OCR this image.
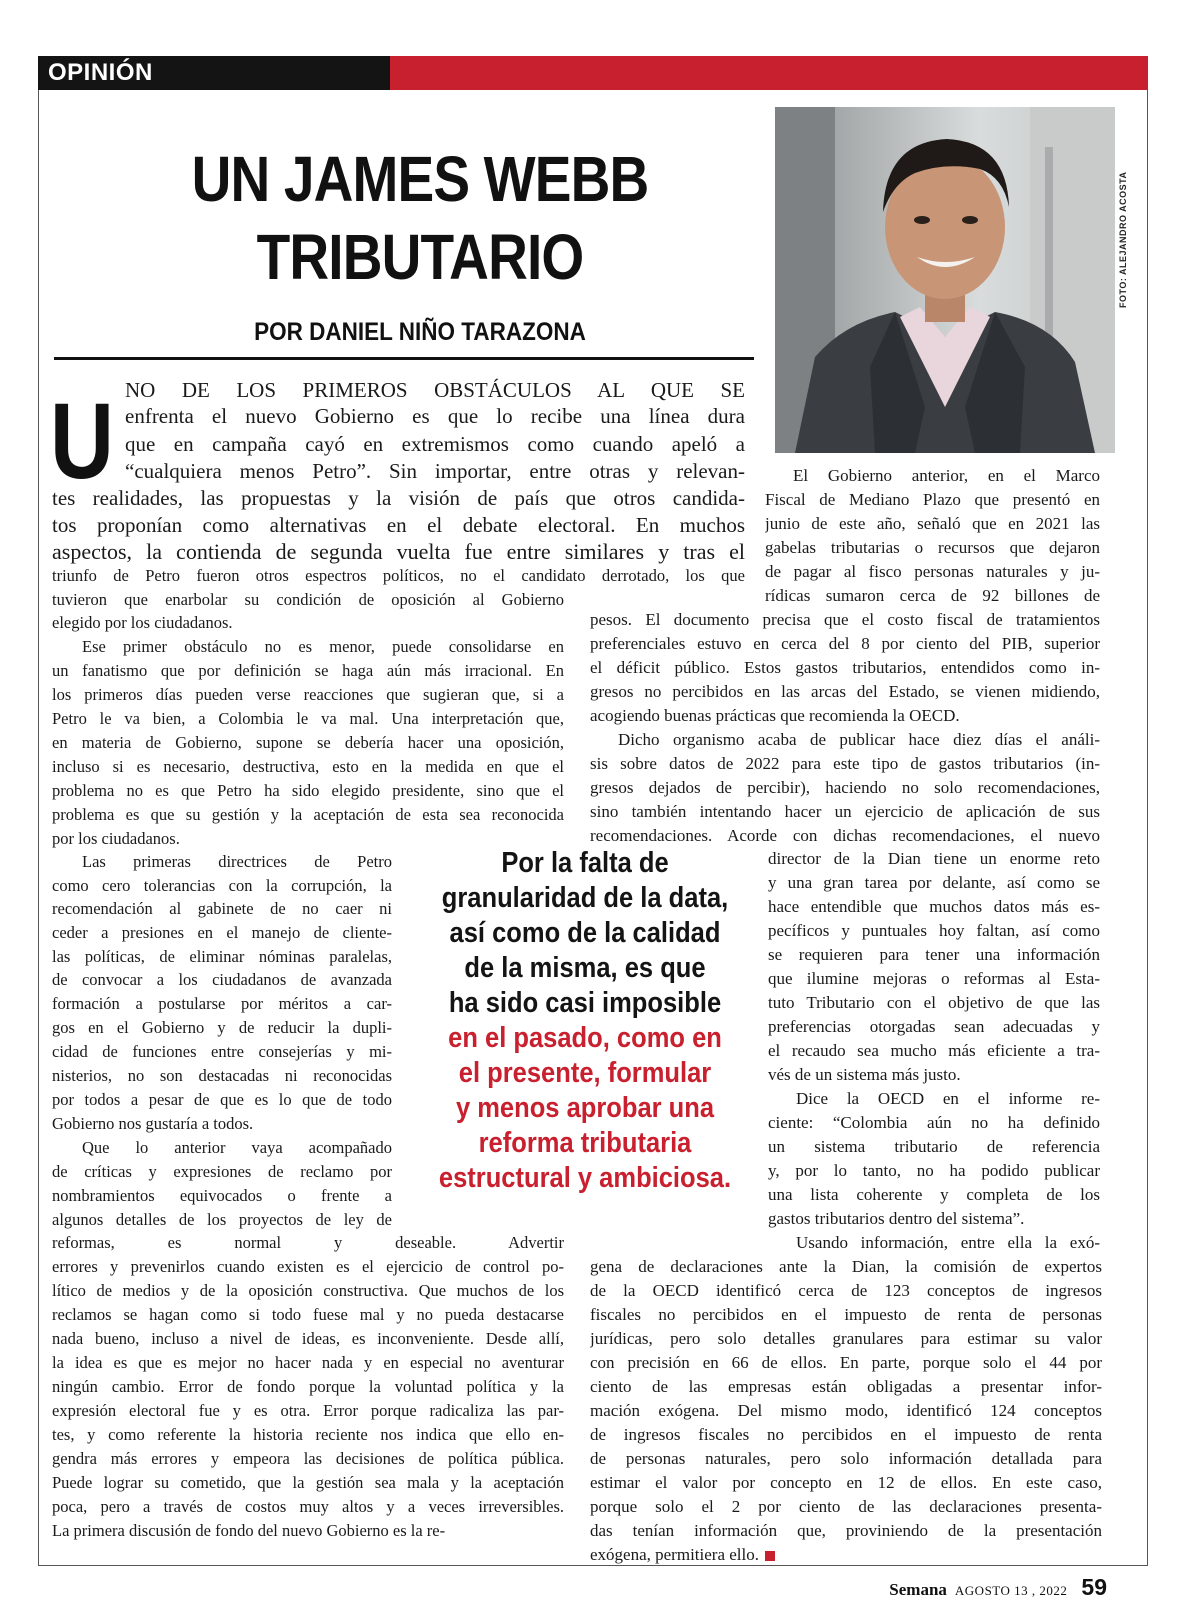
OPINIÓN
UN JAMES WEBB
TRIBUTARIO
POR DANIEL NIÑO TARAZONA
FOTO: ALEJANDRO ACOSTA
U NO DE LOS PRIMEROS OBSTÁCULOS AL QUE SE
enfrenta el nuevo Gobierno es que lo recibe una línea dura
que en campaña cayó en extremismos como cuando apeló a
“cualquiera menos Petro”. Sin importar, entre otras y relevan-
tes realidades, las propuestas y la visión de país que otros candida-
tos proponían como alternativas en el debate electoral. En muchos
aspectos, la contienda de segunda vuelta fue entre similares y tras el
triunfo de Petro fueron otros espectros políticos, no el candidato derrotado, los que
tuvieron que enarbolar su condición de oposición al Gobierno
elegido por los ciudadanos.
Ese primer obstáculo no es menor, puede consolidarse en
un fanatismo que por definición se haga aún más irracional. En
los primeros días pueden verse reacciones que sugieran que, si a
Petro le va bien, a Colombia le va mal. Una interpretación que,
en materia de Gobierno, supone se debería hacer una oposición,
incluso si es necesario, destructiva, esto en la medida en que el
problema no es que Petro ha sido elegido presidente, sino que el
problema es que su gestión y la aceptación de esta sea reconocida
por los ciudadanos.
Las primeras directrices de Petro
como cero tolerancias con la corrupción, la
recomendación al gabinete de no caer ni
ceder a presiones en el manejo de cliente-
las políticas, de eliminar nóminas paralelas,
de convocar a los ciudadanos de avanzada
formación a postularse por méritos a car-
gos en el Gobierno y de reducir la dupli-
cidad de funciones entre consejerías y mi-
nisterios, no son destacadas ni reconocidas
por todos a pesar de que es lo que de todo
Gobierno nos gustaría a todos.
Que lo anterior vaya acompañado
de críticas y expresiones de reclamo por
nombramientos equivocados o frente a
algunos detalles de los proyectos de ley de
reformas, es normal y deseable. Advertir
errores y prevenirlos cuando existen es el ejercicio de control po-
lítico de medios y de la oposición constructiva. Que muchos de los
reclamos se hagan como si todo fuese mal y no pueda destacarse
nada bueno, incluso a nivel de ideas, es inconveniente. Desde allí,
la idea es que es mejor no hacer nada y en especial no aventurar
ningún cambio. Error de fondo porque la voluntad política y la
expresión electoral fue y es otra. Error porque radicaliza las par-
tes, y como referente la historia reciente nos indica que ello en-
gendra más errores y empeora las decisiones de política pública.
Puede lograr su cometido, que la gestión sea mala y la aceptación
poca, pero a través de costos muy altos y a veces irreversibles.
La primera discusión de fondo del nuevo Gobierno es la re-
El Gobierno anterior, en el Marco
Fiscal de Mediano Plazo que presentó en
junio de este año, señaló que en 2021 las
gabelas tributarias o recursos que dejaron
de pagar al fisco personas naturales y ju-
rídicas sumaron cerca de 92 billones de
pesos. El documento precisa que el costo fiscal de tratamientos
preferenciales estuvo en cerca del 8 por ciento del PIB, superior
el déficit público. Estos gastos tributarios, entendidos como in-
gresos no percibidos en las arcas del Estado, se vienen midiendo,
acogiendo buenas prácticas que recomienda la OECD.
Dicho organismo acaba de publicar hace diez días el análi-
sis sobre datos de 2022 para este tipo de gastos tributarios (in-
gresos dejados de percibir), haciendo no solo recomendaciones,
sino también intentando hacer un ejercicio de aplicación de sus
recomendaciones. Acorde con dichas recomendaciones, el nuevo
director de la Dian tiene un enorme reto
y una gran tarea por delante, así como se
hace entendible que muchos datos más es-
pecíficos y puntuales hoy faltan, así como
se requieren para tener una información
que ilumine mejoras o reformas al Esta-
tuto Tributario con el objetivo de que las
preferencias otorgadas sean adecuadas y
el recaudo sea mucho más eficiente a tra-
vés de un sistema más justo.
Dice la OECD en el informe re-
ciente: “Colombia aún no ha definido
un sistema tributario de referencia
y, por lo tanto, no ha podido publicar
una lista coherente y completa de los
gastos tributarios dentro del sistema”.
Usando información, entre ella la exó-
gena de declaraciones ante la Dian, la comisión de expertos
de la OECD identificó cerca de 123 conceptos de ingresos
fiscales no percibidos en el impuesto de renta de personas
jurídicas, pero solo detalles granulares para estimar su valor
con precisión en 66 de ellos. En parte, porque solo el 44 por
ciento de las empresas están obligadas a presentar infor-
mación exógena. Del mismo modo, identificó 124 conceptos
de ingresos fiscales no percibidos en el impuesto de renta
de personas naturales, pero solo información detallada para
estimar el valor por concepto en 12 de ellos. En este caso,
porque solo el 2 por ciento de las declaraciones presenta-
das tenían información que, proviniendo de la presentación
exógena, permitiera ello.
Por la falta de
granularidad de la data,
así como de la calidad
de la misma, es que
ha sido casi imposible
en el pasado, como en
el presente, formular
y menos aprobar una
reforma tributaria
estructural y ambiciosa.
Semana AGOSTO 13 , 2022 59
